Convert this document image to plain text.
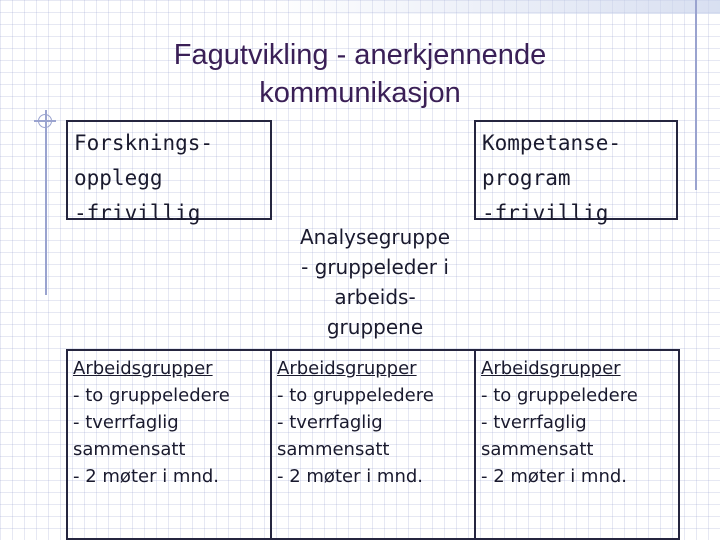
Fagutvikling - anerkjennende
kommunikasjon
Forsknings-
opplegg
-frivillig
Kompetanse-
program
-frivillig
Analysegruppe
- gruppeleder i
arbeids-
gruppene
Arbeidsgrupper
- to gruppeledere
- tverrfaglig
sammensatt
- 2 møter i mnd.
Arbeidsgrupper
- to gruppeledere
- tverrfaglig
sammensatt
- 2 møter i mnd.
Arbeidsgrupper
- to gruppeledere
- tverrfaglig
sammensatt
- 2 møter i mnd.
